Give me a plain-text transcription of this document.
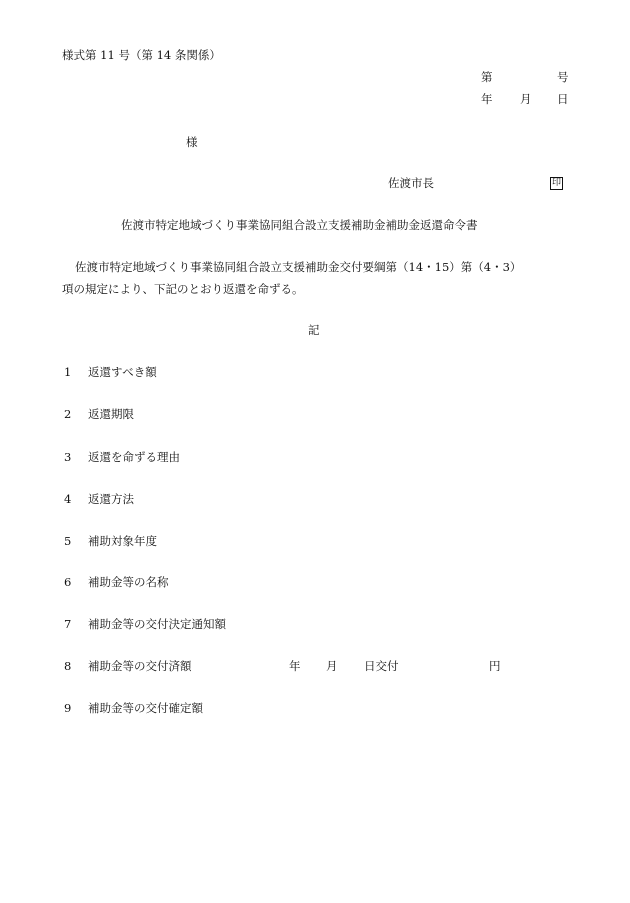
様式第 11 号（第 14 条関係）
第	号
年 月 日
様
佐渡市長	印
佐渡市特定地域づくり事業協同組合設立支援補助金補助金返還命令書
佐渡市特定地域づくり事業協同組合設立支援補助金交付要綱第（14・15）第（4・3）
項の規定により、下記のとおり返還を命ずる。
記
1 返還すべき額
2 返還期限
3 返還を命ずる理由
4 返還方法
5 補助対象年度
6 補助金等の名称
7 補助金等の交付決定通知額
8 補助金等の交付済額	年 月 日交付	円
9 補助金等の交付確定額
